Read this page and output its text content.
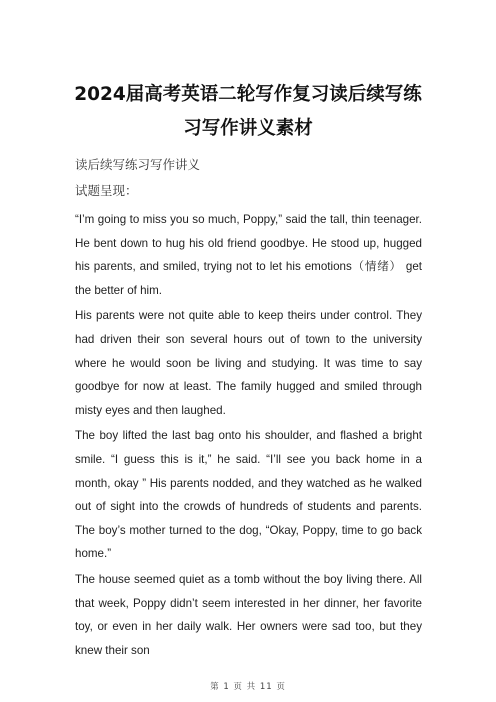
2024届高考英语二轮写作复习读后续写练
习写作讲义素材
读后续写练习写作讲义
试题呈现：

“I’m going to miss you so much, Poppy,” said the tall, thin teenager. He bent down to hug his old friend goodbye. He stood up, hugged his parents, and smiled, trying not to let his emotions（情绪） get the better of him.

His parents were not quite able to keep theirs under control. They had driven their son several hours out of town to the university where he would soon be living and studying. It was time to say goodbye for now at least. The family hugged and smiled through misty eyes and then laughed.

The boy lifted the last bag onto his shoulder, and flashed a bright smile. “I guess this is it,” he said. “I’ll see you back home in a month, okay ” His parents nodded, and they watched as he walked out of sight into the crowds of hundreds of students and parents. The boy’s mother turned to the dog, “Okay, Poppy, time to go back home.”

The house seemed quiet as a tomb without the boy living there. All that week, Poppy didn’t seem interested in her dinner, her favorite toy, or even in her daily walk. Her owners were sad too, but they knew their son

第 1 页 共 11 页
